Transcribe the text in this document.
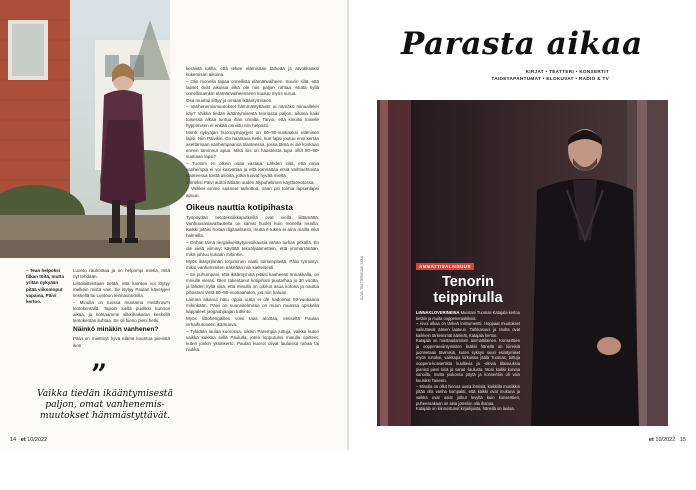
– Tean helpoksi tilkan töitä, mutta yritän nykyään pitää viikonloput vapaina, Päivi kertoo.

Luonto rauhoittaa ja on helpompi mietiä, mitä nyt tehdään.

Liittolaitteistaan tietää, että luontoa voi löytyy melkein mistä vain. Se löytyy Paulan kävelyjen keskellä tai Lontoon leirinauraimilla.

– Minulla on tuossa muutama Heathrow'n lentokentällä. Tapoin siellä puoliksi kunnoa aikaa, ja kohtaamme silkkihaikaran keskellä lentokentän liuhtaa. Se oli hieno pieni hetki.

Näinkö minäkin vanhenen?

Päivi on miettinyt hyvä elämä kuuntoa pienistä ikon

”
Vaikka tiedän ikääntymisestä paljon, omat vanhenemis- muutokset hämmästyttävät.

keräistä totilla, että tekee elämisään tärkeää ja arvokkaaksi kokemisan aikoina.

– Olin monella tapaa onnellista elämänvaiheen. Suurin siitä, että lapset ovat aikuisia eikä ole niin paljon rahtaa. Mutta kyllä onnellisuenkin elämänvaiheenseen kuuluu myös surua.

Osa muuttui liittyy jo omaan ikääntymiseen.

– Vanhenemismuutokset hämmästyttävät: ai nämäkö minuallekin käy? Vaikka tiedän ikääntymisestä teoriassa paljon, aikana kaiki toisessa alkaa tuntua ihan omalta. Tarvoi, että kinuitsi toiselle hyppimisen ei enkää onnistu niin helposti.

Monti nykyajan huonoympyrjyöt on 80–90-vuotiaaksi elämisen lapsi. Niin Päivikin. On haastava hetki, kun lapsi joutuu ensi kertaa asettamaan vanhempaansa tilanteessa, jossa tämä ei ole koskaan ennen tarvinnut apua. Mikä siis on haasteista tupa ollut 80–90-vuotiaan lapsi?

– Tuotom en olkein osaa vastata. Lähden siitä, että omia vanhempia ei voi kasvattaa ja että kannattaa etsiä vaihtoehtoista tilanteessa toistä asioita, jotka tuovat hyvää mieltä.

Viimeksi Päivi auttoi äitiään uuden älypuhelimen käyttöönotossa.

– Vaikkei emme saaneet tarkottua, vaan piti toimia lapsenlapsi apuun.

Oikeus nauttia kotipihasta

Työpöydän tietotekniikkaputkeillä ovat viellä liittämättä. Vanhuusasiavaltuutelta on samat huolet kuin monella muulla. Kaikki pitäisi hoitaa digitaalisesti, mutta it-tukea ei aina mailla eikä halmella.

– Onhan tämä riergailveitäytyievsikausia vähän turhan pitkällä. En ole vielä viiminyt käyttää tekoälyaamettein, että ymmärränään, mikä johtuu kukaan mihinkin.

Myös ikäsyrjinnän torjuminen vaatii toimenpiteitä. Päivi tyrmistyi, miksi vanhemmiten näkeään niin kielteisesti.

– Se puhumpani, että ikääntyminä pitäisi kaaheesti rinnakkalla, on minulle vieras. Olen rakentanut kotipihani puutarhaa jo 30 vuotta, ja lähden kyllä siitä, että minulla on oikeus asua kotona ja nauttia pihastani vielä 80–90-vuotiaanakin, jos niin haluan.

Laimea alkanut halu oppia uutta ei ole kadonnut 59-vuotiaana mihinkään. Päivi on suunnitelmissa on muun muassa opiskella kappaleet joogaohjaajan tutkinto.

Myös liittohengäillen voisi taas aloittaa, entiseltä Paulan virhaihutuneen ikämuuva.

– Tykkään laulaa kuorossa, oikein Parempia juttuja, vaikka kuten vaikka kukkaa sellä Paululla, joten lopputulos minulla opitteet, kuten jonkin yksinkerto. Paulan kuorot olivat lauluissa rahaa tai niukka.

14 et 10/2022
Parasta aikaa
KIRJAT • TEATTERI • KONSERTIT
TAIDETAPAHTUMAT • ELOKUVAT • RADIO & TV
AMMATTISALAISUUS
Tenorin teippirulla

LINNAKLOVERINEINA Muistani Tuomas Katajala kertoo tietäin ja muita ooppeneraskiksia.

– Aivoi alkaa on tärkeä instrumentti. Hoppaat muutokset vaikuttavat äänen laatuun. Tarkkasuus ja rauha ovat kaikkein tärkeimmät ääninät, Katajala kertoo.

Katajala on miettaadamisen ammattilainen. Konserttien ja oopperaesiintymisten lisäksi hänellä on kiireisiä juonnetaan tävimisiä, kuten syksyn suuri esiintymiset myös runoksi, vaikkapa kirkoissa jäälä Tuomas, tuttuja ooppera-konsertista kuultavia ja -olevia tilaisuuksia pianisti pieni kiriä ja sanat -laulusta. Moni kaikki korvaa sanoilla, mutta joukossa pöytä ja konserttiin oli vain kuusiksi Tanesin.

– Minulla on ollut hienoa uusia ihmisiä, kaikkilla musiikkin pitää olla vanha kompakti, että kaikki ovat mukana ja vaikka ovat asiat jotkut levyltä kuin konserttien, puheessakaan on aina jotenkin olla ihanaa.

Katajala on kiinnostunut kirjailijoista, hänellä on laulaa.

Tenori Tuomas Katajala laulaa Schubertia Joka on jo perheen kotiin Vuolisali Juhlaan 3.–25.6.
KUVA: TEATTERIKUVA / MIKA
et 10/2022 15
